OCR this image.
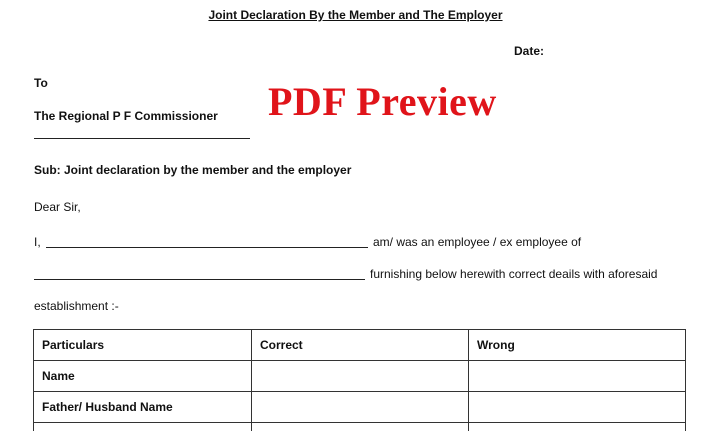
Joint Declaration By the Member and The Employer
Date:
To
The Regional P F Commissioner PDF Preview
Sub: Joint declaration by the member and the employer
Dear Sir,
I,	am/ was an employee / ex employee of
furnishing below herewith correct deails with aforesaid
establishment :-
Particulars	Correct	Wrong
Name		
Father/ Husband Name		
